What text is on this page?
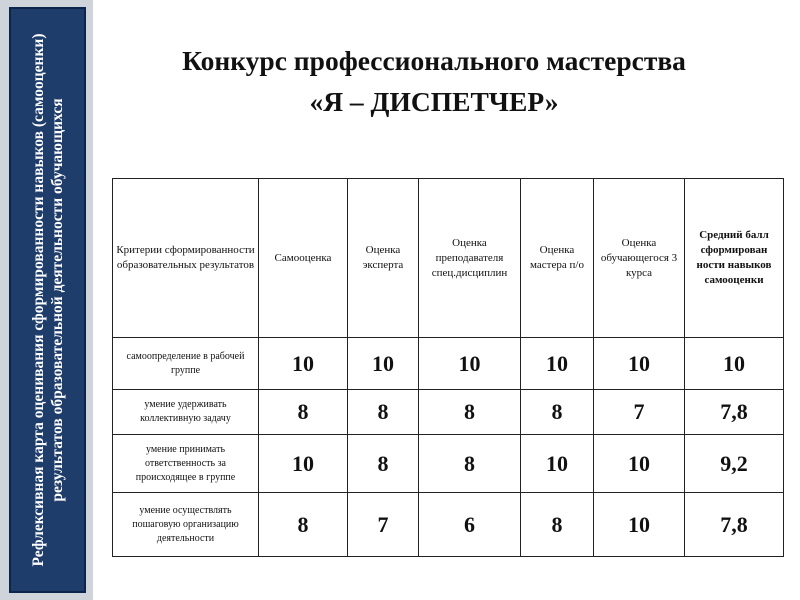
Рефлексивная карта оценивания сформированности навыков (самооценки) результатов образовательной деятельности обучающихся
Конкурс профессионального мастерства
«Я – ДИСПЕТЧЕР»
Критерии сформированности образовательных результатов	Самооценка	Оценка эксперта	Оценка преподавателя спец.дисциплин	Оценка мастера п/о	Оценка обучающегося 3 курса	Средний балл сформирован ности навыков самооценки
самоопределение в рабочей группе	10	10	10	10	10	10
умение удерживать коллективную задачу	8	8	8	8	7	7,8
умение принимать ответственность за происходящее в группе	10	8	8	10	10	9,2
умение осуществлять пошаговую организацию деятельности	8	7	6	8	10	7,8
